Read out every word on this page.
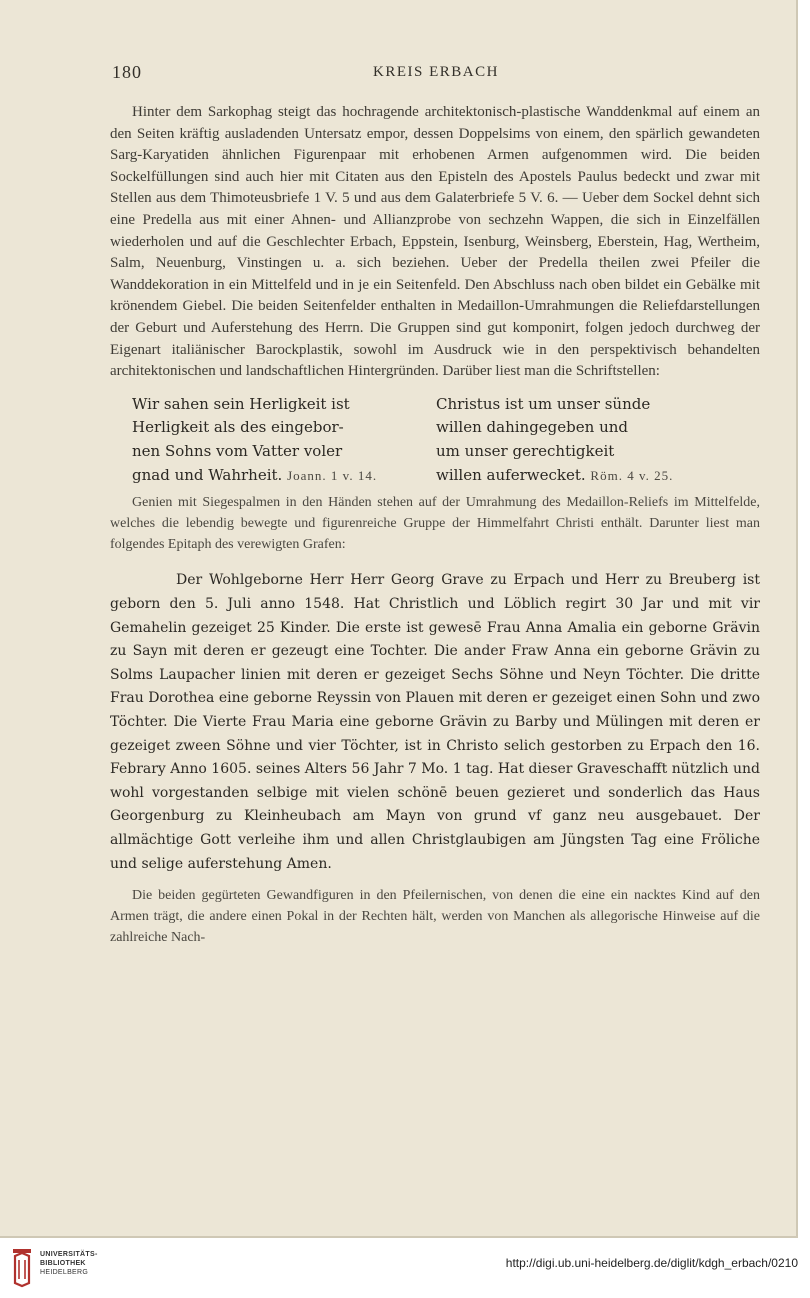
180	KREIS ERBACH

Hinter dem Sarkophag steigt das hochragende architektonisch-plastische Wanddenkmal auf einem an den Seiten kräftig ausladenden Untersatz empor, dessen Doppelsims von einem, den spärlich gewandeten Sarg-Karyatiden ähnlichen Figurenpaar mit erhobenen Armen aufgenommen wird. Die beiden Sockelfüllungen sind auch hier mit Citaten aus den Episteln des Apostels Paulus bedeckt und zwar mit Stellen aus dem Thimoteusbriefe 1 V. 5 und aus dem Galaterbriefe 5 V. 6. — Ueber dem Sockel dehnt sich eine Predella aus mit einer Ahnen- und Allianzprobe von sechzehn Wappen, die sich in Einzelfällen wiederholen und auf die Geschlechter Erbach, Eppstein, Isenburg, Weinsberg, Eberstein, Hag, Wertheim, Salm, Neuenburg, Vinstingen u. a. sich beziehen. Ueber der Predella theilen zwei Pfeiler die Wanddekoration in ein Mittelfeld und in je ein Seitenfeld. Den Abschluss nach oben bildet ein Gebälke mit krönendem Giebel. Die beiden Seitenfelder enthalten in Medaillon-Umrahmungen die Reliefdarstellungen der Geburt und Auferstehung des Herrn. Die Gruppen sind gut komponirt, folgen jedoch durchweg der Eigenart italiänischer Barockplastik, sowohl im Ausdruck wie in den perspektivisch behandelten architektonischen und landschaftlichen Hintergründen. Darüber liest man die Schriftstellen:

Wir sahen sein Herligkeit ist
Herligkeit als des eingebor-
nen Sohns vom Vatter voler
gnad und Wahrheit. Joann. 1 v. 14.
Christus ist um unser sünde
willen dahingegeben und
um unser gerechtigkeit
willen auferwecket. Röm. 4 v. 25.

Genien mit Siegespalmen in den Händen stehen auf der Umrahmung des Medaillon-Reliefs im Mittelfelde, welches die lebendig bewegte und figurenreiche Gruppe der Himmelfahrt Christi enthält. Darunter liest man folgendes Epitaph des verewigten Grafen:

Der Wohlgeborne Herr Herr Georg Grave zu Erpach und Herr zu Breuberg ist geborn den 5. Juli anno 1548. Hat Christlich und Löblich regirt 30 Jar und mit vir Gemahelin gezeiget 25 Kinder. Die erste ist gewesē Frau Anna Amalia ein geborne Grävin zu Sayn mit deren er gezeugt eine Tochter. Die ander Fraw Anna ein geborne Grävin zu Solms Laupacher linien mit deren er gezeiget Sechs Söhne und Neyn Töchter. Die dritte Frau Dorothea eine geborne Reyssin von Plauen mit deren er gezeiget einen Sohn und zwo Töchter. Die Vierte Frau Maria eine geborne Grävin zu Barby und Mülingen mit deren er gezeiget zween Söhne und vier Töchter, ist in Christo selich gestorben zu Erpach den 16. Febrary Anno 1605. seines Alters 56 Jahr 7 Mo. 1 tag. Hat dieser Graveschafft nützlich und wohl vorgestanden selbige mit vielen schönē beuen gezieret und sonderlich das Haus Georgenburg zu Kleinheubach am Mayn von grund vf ganz neu ausgebauet. Der allmächtige Gott verleihe ihm und allen Christglaubigen am Jüngsten Tag eine Fröliche und selige auferstehung Amen.

Die beiden gegürteten Gewandfiguren in den Pfeilernischen, von denen die eine ein nacktes Kind auf den Armen trägt, die andere einen Pokal in der Rechten hält, werden von Manchen als allegorische Hinweise auf die zahlreiche Nach-

UNIVERSITÄTS-
BIBLIOTHEK
HEIDELBERG
http://digi.ub.uni-heidelberg.de/diglit/kdgh_erbach/0210
